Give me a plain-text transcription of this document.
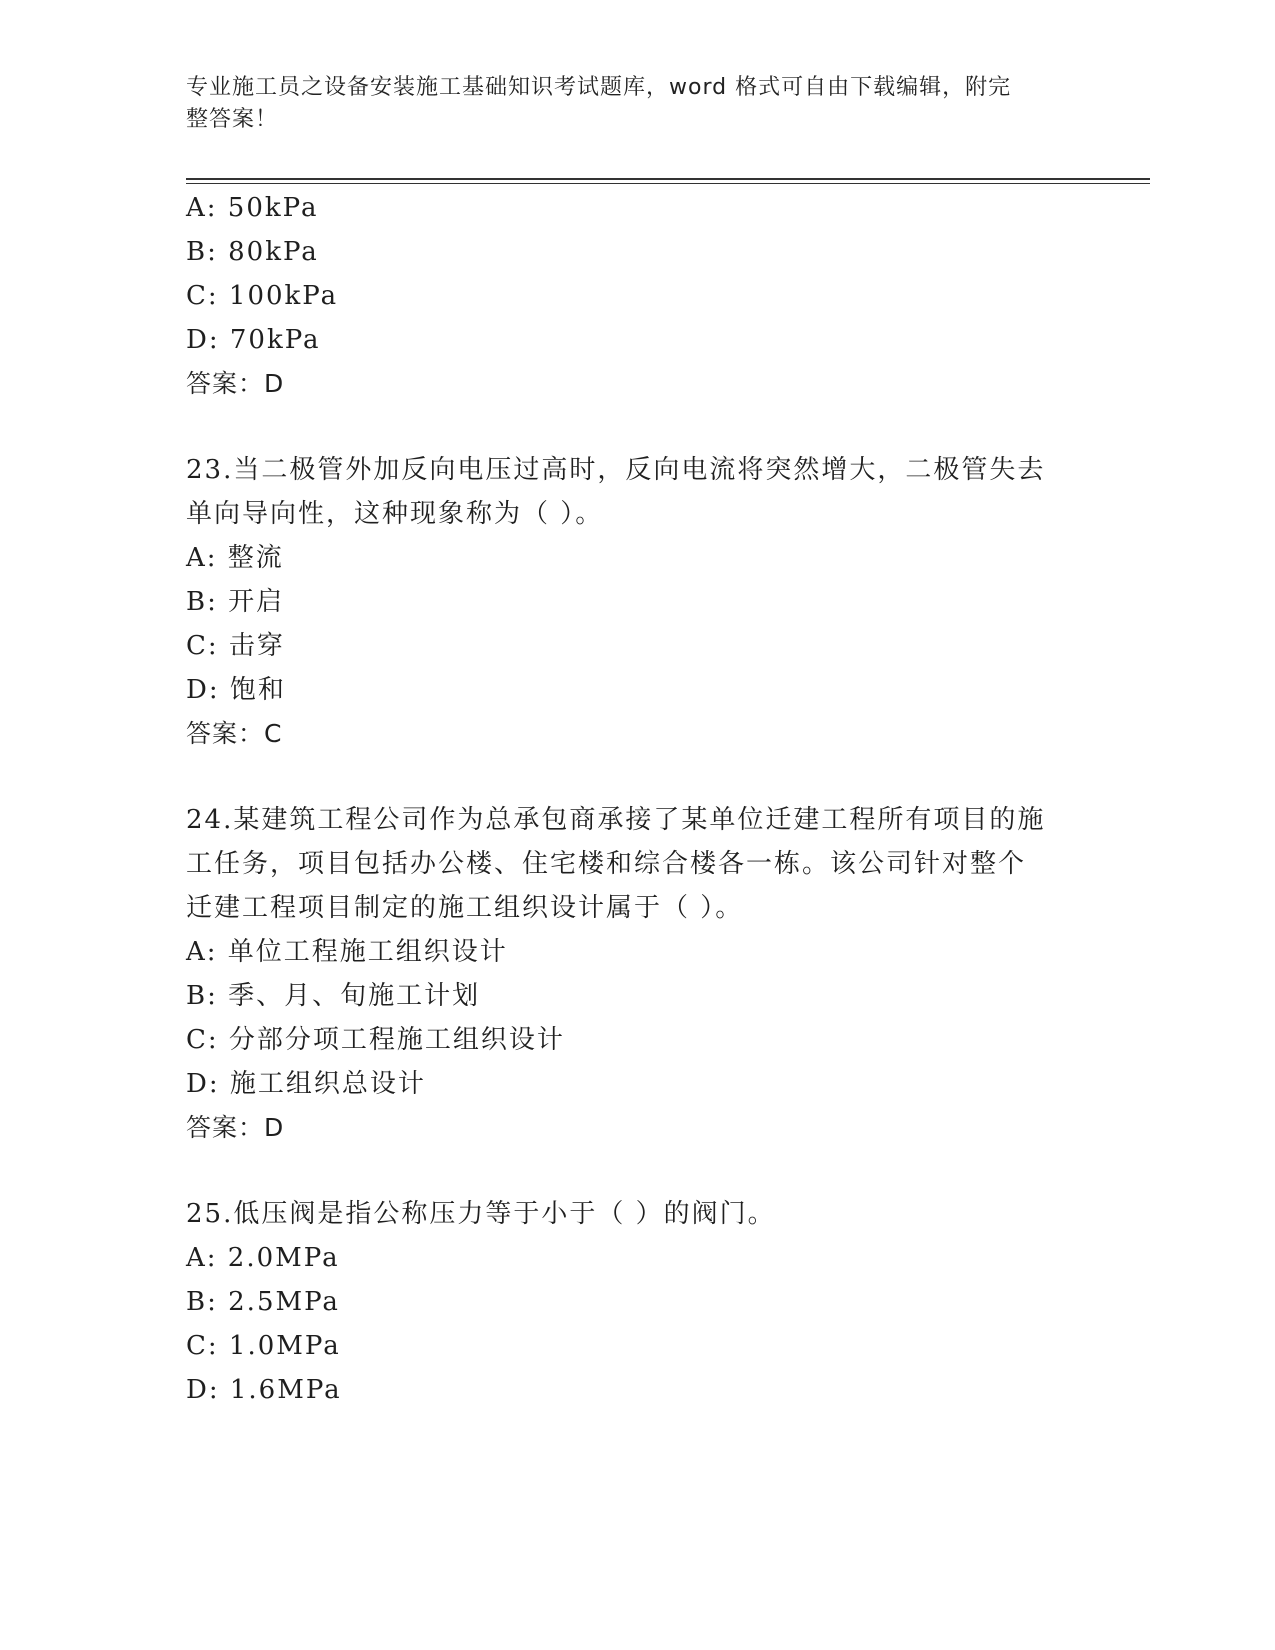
专业施工员之设备安装施工基础知识考试题库，word 格式可自由下载编辑，附完
整答案！
A: 50kPa
B: 80kPa
C: 100kPa
D: 70kPa
答案：D
23.当二极管外加反向电压过高时，反向电流将突然增大，二极管失去
单向导向性，这种现象称为（ ）。
A: 整流
B: 开启
C: 击穿
D: 饱和
答案：C
24.某建筑工程公司作为总承包商承接了某单位迁建工程所有项目的施
工任务，项目包括办公楼、住宅楼和综合楼各一栋。该公司针对整个
迁建工程项目制定的施工组织设计属于（ ）。
A: 单位工程施工组织设计
B: 季、月、旬施工计划
C: 分部分项工程施工组织设计
D: 施工组织总设计
答案：D
25.低压阀是指公称压力等于小于（ ）的阀门。
A: 2.0MPa
B: 2.5MPa
C: 1.0MPa
D: 1.6MPa
